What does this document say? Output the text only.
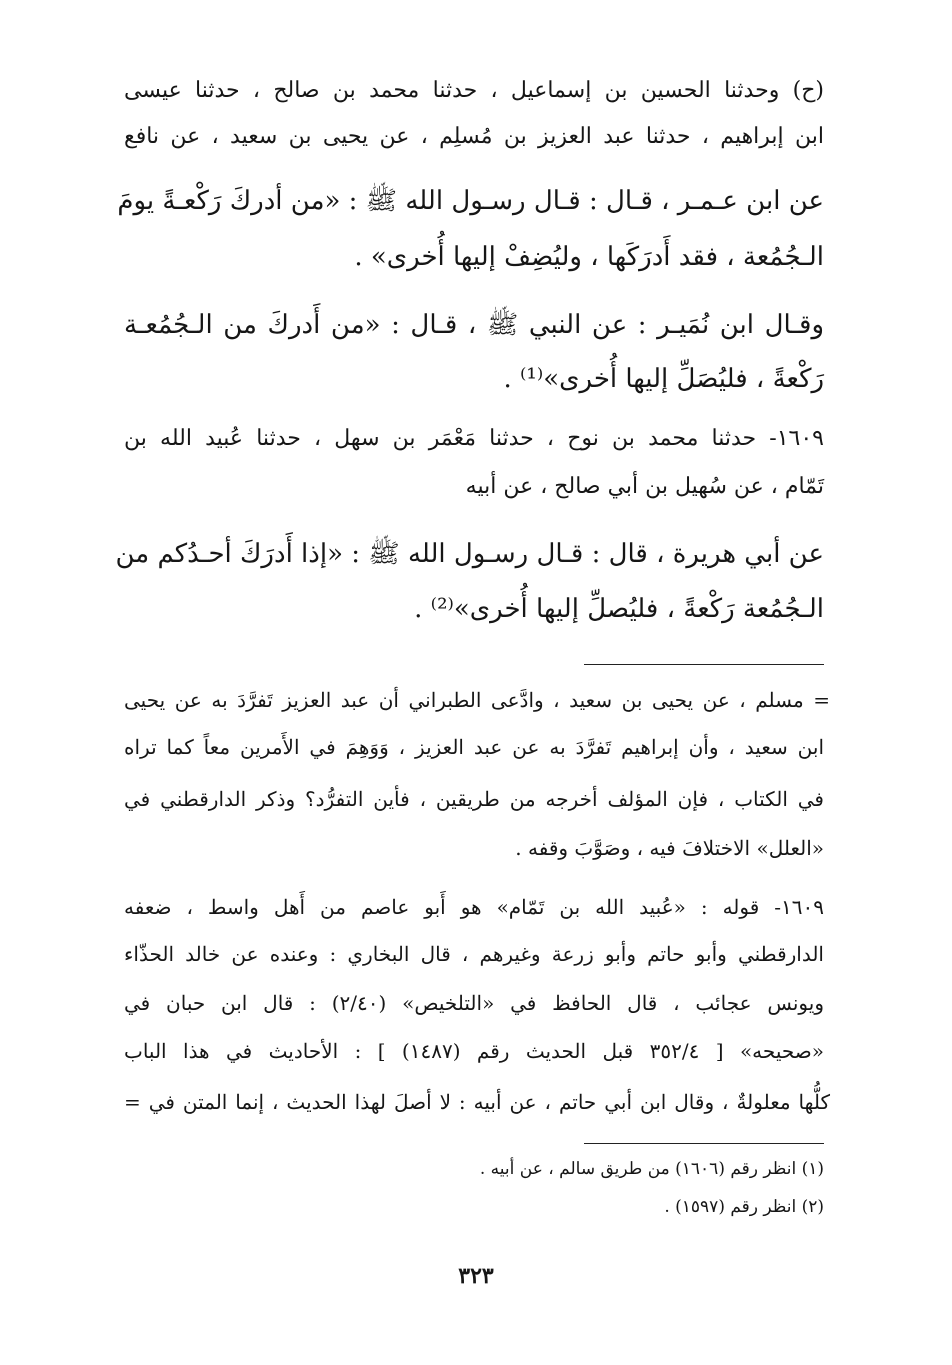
(ح) وحدثنا الحسين بن إسماعيل ، حدثنا محمد بن صالح ، حدثنا عيسى
ابن إبراهيم ، حدثنا عبد العزيز بن مُسلِم ، عن يحيى بن سعيد ، عن نافع
عن ابن عـمـر ، قـال : قـال رسـول الله ﷺ : «من أدركَ رَكْعـةً يومَ
الـجُمُعة ، فقد أَدرَكَها ، وليُضِفْ إليها أُخرى» .
وقـال ابن نُمَيـر : عن النبي ﷺ ، قـال : «من أَدركَ من الـجُمُعـة
رَكْعةً ، فليُصَلِّ إليها أُخرى»⁽¹⁾ .
١٦٠٩- حدثنا محمد بن نوح ، حدثنا مَعْمَر بن سهل ، حدثنا عُبيد الله بن
تَمّام ، عن سُهيل بن أبي صالح ، عن أبيه
عن أبي هريرة ، قال : قـال رسـول الله ﷺ : «إذا أَدرَكَ أحـدُكم من
الـجُمُعة رَكْعةً ، فليُصلِّ إليها أُخرى»⁽²⁾ .
= مسلم ، عن يحيى بن سعيد ، وادَّعى الطبراني أن عبد العزيز تَفرَّدَ به عن يحيى
ابن سعيد ، وأن إبراهيم تَفرَّدَ به عن عبد العزيز ، وَوَهِمَ في الأَمرين معاً كما تراه
في الكتاب ، فإن المؤلف أخرجه من طريقين ، فأين التفرُّد؟ وذكر الدارقطني في
«العلل» الاختلافَ فيه ، وصَوَّبَ وقفه .
١٦٠٩- قوله : «عُبيد الله بن تَمّام» هو أَبو عاصم من أَهل واسط ، ضعفه
الدارقطني وأبو حاتم وأبو زرعة وغيرهم ، قال البخاري : وعنده عن خالد الحذّاء
ويونس عجائب ، قال الحافظ في «التلخيص» (٢/٤٠) : قال ابن حبان في
«صحيحه» [ ٣٥٢/٤ قبل الحديث رقم (١٤٨٧) ] : الأحاديث في هذا الباب
كلُّها معلولةٌ ، وقال ابن أبي حاتم ، عن أبيه : لا أصلَ لهذا الحديث ، إنما المتن في =
(١) انظر رقم (١٦٠٦) من طريق سالم ، عن أبيه .
(٢) انظر رقم (١٥٩٧) .
٣٢٣
